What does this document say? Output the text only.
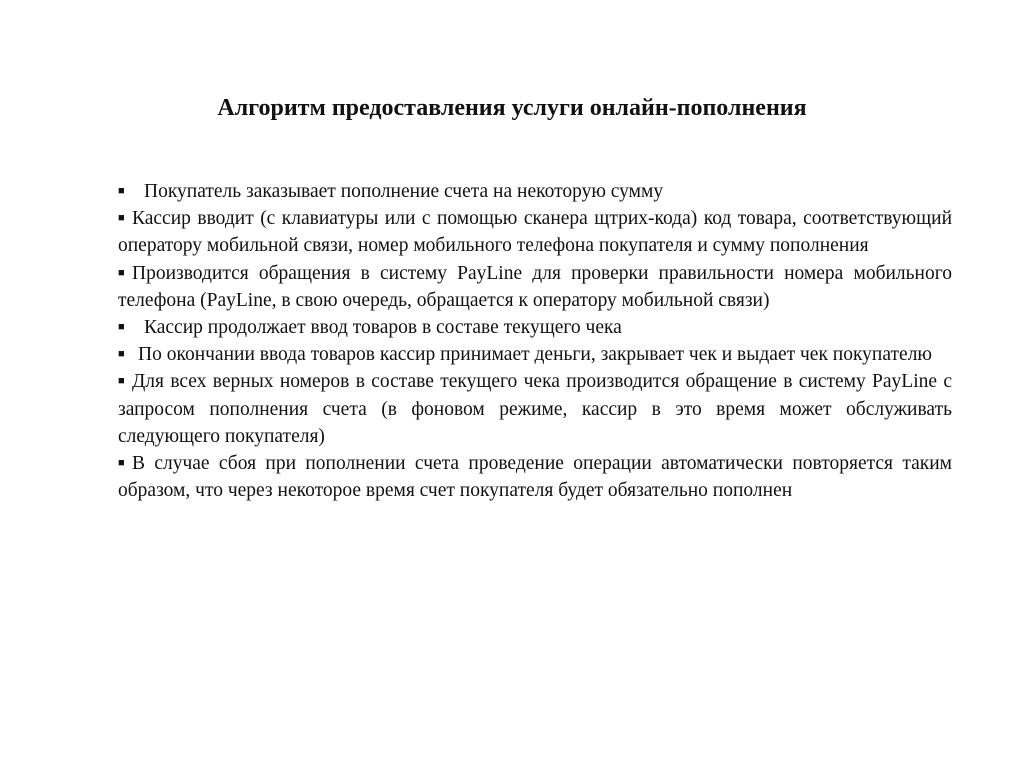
Алгоритм предоставления услуги онлайн-пополнения
■ Покупатель заказывает пополнение счета на некоторую сумму
■ Кассир вводит (с клавиатуры или с помощью сканера щтрих-кода) код товара, соответствующий оператору мобильной связи, номер мобильного телефона покупателя и сумму пополнения
■ Производится обращения в систему PayLine для проверки правильности номера мобильного телефона (PayLine, в свою очередь, обращается к оператору мобильной связи)
■ Кассир продолжает ввод товаров в составе текущего чека
■ По окончании ввода товаров кассир принимает деньги, закрывает чек и выдает чек покупателю
■ Для всех верных номеров в составе текущего чека производится обращение в систему PayLine с запросом пополнения счета (в фоновом режиме, кассир в это время может обслуживать следующего покупателя)
■ В случае сбоя при пополнении счета проведение операции автоматически повторяется таким образом, что через некоторое время счет покупателя будет обязательно пополнен
